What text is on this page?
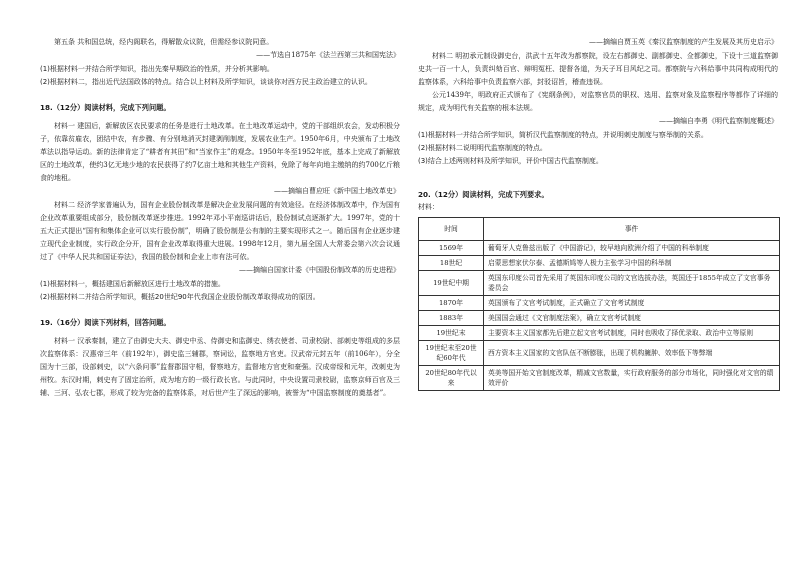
第五条 共和国总统，经内阁联名，得解散众议院，但需经参议院同意。

——节选自1875年《法兰西第三共和国宪法》

(1)根据材料一并结合所学知识，指出先秦早期政治的性质，并分析其影响。

(2)根据材料二，指出近代法国政体的特点。结合以上材料及所学知识，谈谈你对西方民主政治建立的认识。

18.（12分）阅读材料，完成下列问题。

材料一 建国后，新解放区农民要求的任务是进行土地改革。在土地改革运动中，党的干部组织农会，发动积极分子，依靠贫雇农，团结中农，有步骤、有分别地消灭封建剥削制度，发展农业生产。1950年6月，中央颁布了土地改革法以指导运动。新的法律肯定了“耕者有其田”和“当家作主”的观念。1950年冬至1952年底，基本上完成了新解放区的土地改革，使约3亿无地少地的农民获得了约7亿亩土地和其他生产资料，免除了每年向地主缴纳的约700亿斤粮食的地租。

——摘编自曹应旺《新中国土地改革史》

材料二 经济学家普遍认为，国有企业股份制改革是解决企业发展问题的有效途径。在经济体制改革中，作为国有企业改革重要组成部分，股份制改革逐步推进。1992年邓小平南巡讲话后，股份制试点逐渐扩大。1997年，党的十五大正式提出“国有和集体企业可以实行股份制”，明确了股份制是公有制的主要实现形式之一。随后国有企业逐步建立现代企业制度，实行政企分开，国有企业改革取得重大进展。1998年12月，第九届全国人大常委会第六次会议通过了《中华人民共和国证券法》，我国的股份制和企业上市有法可依。

——摘编自国家计委《中国股份制改革的历史进程》

(1)根据材料一，概括建国后新解放区进行土地改革的措施。

(2)根据材料二并结合所学知识，概括20世纪90年代我国企业股份制改革取得成功的原因。

19.（16分）阅读下列材料，回答问题。

材料一 汉承秦制，建立了由御史大夫、御史中丞、侍御史和监御史、绣衣使者、司隶校尉、部刺史等组成的多层次监察体系：汉惠帝三年（前192年），御史监三辅郡，察词讼，监察地方官吏。汉武帝元封五年（前106年），分全国为十三部，设部刺史，以“六条问事”监督郡国守相，督察地方，监督地方官吏和豪强。汉成帝绥和元年，改刺史为州牧。东汉时期，刺史有了固定治所，成为地方的一级行政长官。与此同时，中央设置司隶校尉，监察京师百官及三辅、三河、弘农七郡，形成了较为完备的监察体系，对后世产生了深远的影响，被誉为“中国监察制度的奠基者”。

——摘编自贾玉英《秦汉监察制度的产生发展及其历史启示》

材料二 明初承元制设御史台，洪武十五年改为都察院，设左右都御史、副都御史、佥都御史，下设十三道监察御史共一百一十人，负责纠劾百官、辩明冤枉、提督各道，为天子耳目风纪之司。都察院与六科给事中共同构成明代的监察体系，六科给事中负责监察六部，封驳诏旨，稽查违误。

公元1439年，明政府正式颁布了《宪纲条例》，对监察官员的职权、选用、监察对象及监察程序等都作了详细的规定，成为明代有关监察的根本法规。

——摘编自李勇《明代监察制度概述》

(1)根据材料一并结合所学知识，简析汉代监察制度的特点，并说明刺史制度与察举制的关系。

(2)根据材料二说明明代监察制度的特点。

(3)结合上述两则材料及所学知识，评价中国古代监察制度。

20.（12分）阅读材料，完成下列要求。

材料：

时间	事件
1569年	葡萄牙人克鲁兹出版了《中国游记》，较早地向欧洲介绍了中国的科举制度
18世纪	启蒙思想家伏尔泰、孟德斯鸠等人极力主张学习中国的科举制
19世纪中期	英国东印度公司首先采用了英国东印度公司的文官选拔办法，英国还于1855年成立了文官事务委员会
1870年	英国颁布了文官考试制度，正式确立了文官考试制度
1883年	美国国会通过《文官制度法案》，确立文官考试制度
19世纪末	主要资本主义国家都先后建立起文官考试制度，同时也吸收了择优录取、政治中立等原则
19世纪末至20世纪60年代	西方资本主义国家的文官队伍不断膨胀，出现了机构臃肿、效率低下等弊端
20世纪80年代以来	英美等国开始文官制度改革，精减文官数量，实行政府服务的部分市场化，同时强化对文官的绩效评价
